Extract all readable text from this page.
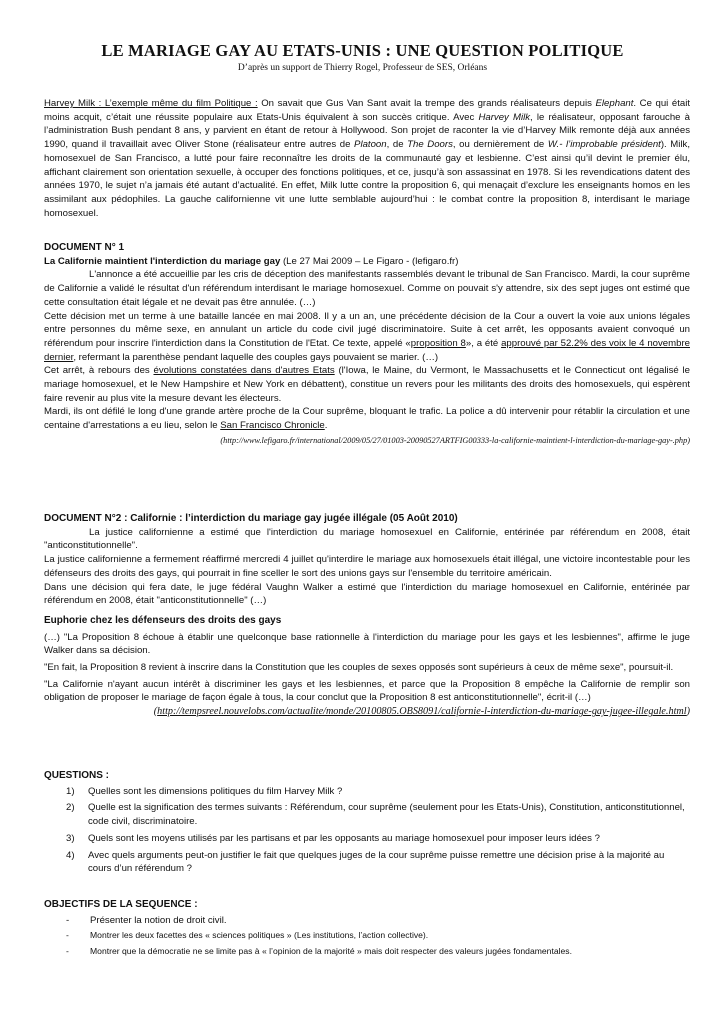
LE MARIAGE GAY AU ETATS-UNIS : UNE QUESTION POLITIQUE
D’après un support de Thierry Rogel, Professeur de SES, Orléans

Harvey Milk : L’exemple même du film Politique : On savait que Gus Van Sant avait la trempe des grands réalisateurs depuis Elephant. Ce qui était moins acquit, c’était une réussite populaire aux Etats-Unis équivalent à son succès critique. Avec Harvey Milk, le réalisateur, opposant farouche à l’administration Bush pendant 8 ans, y parvient en étant de retour à Hollywood. Son projet de raconter la vie d’Harvey Milk remonte déjà aux années 1990, quand il travaillait avec Oliver Stone (réalisateur entre autres de Platoon, de The Doors, ou dernièrement de W.- l’improbable président). Milk, homosexuel de San Francisco, a lutté pour faire reconnaître les droits de la communauté gay et lesbienne. C’est ainsi qu’il devint le premier élu, affichant clairement son orientation sexuelle, à occuper des fonctions politiques, et ce, jusqu’à son assassinat en 1978. Si les revendications datent des années 1970, le sujet n’a jamais été autant d’actualité. En effet, Milk lutte contre la proposition 6, qui menaçait d’exclure les enseignants homos en les assimilant aux pédophiles. La gauche californienne vit une lutte semblable aujourd’hui : le combat contre la proposition 8, interdisant le mariage homosexuel.

DOCUMENT N° 1

La Californie maintient l'interdiction du mariage gay (Le 27 Mai 2009 – Le Figaro - (lefigaro.fr)

L'annonce a été accueillie par les cris de déception des manifestants rassemblés devant le tribunal de San Francisco. Mardi, la cour suprême de Californie a validé le résultat d'un référendum interdisant le mariage homosexuel. Comme on pouvait s'y attendre, six des sept juges ont estimé que cette consultation était légale et ne devait pas être annulée. (…)

Cette décision met un terme à une bataille lancée en mai 2008. Il y a un an, une précédente décision de la Cour a ouvert la voie aux unions légales entre personnes du même sexe, en annulant un article du code civil jugé discriminatoire. Suite à cet arrêt, les opposants avaient convoqué un référendum pour inscrire l'interdiction dans la Constitution de l'Etat. Ce texte, appelé «proposition 8», a été approuvé par 52.2% des voix le 4 novembre dernier, refermant la parenthèse pendant laquelle des couples gays pouvaient se marier. (…)

Cet arrêt, à rebours des évolutions constatées dans d'autres Etats (l'Iowa, le Maine, du Vermont, le Massachusetts et le Connecticut ont légalisé le mariage homosexuel, et le New Hampshire et New York en débattent), constitue un revers pour les militants des droits des homosexuels, qui espèrent faire revenir au plus vite la mesure devant les électeurs.

Mardi, ils ont défilé le long d'une grande artère proche de la Cour suprême, bloquant le trafic. La police a dû intervenir pour rétablir la circulation et une centaine d'arrestations a eu lieu, selon le San Francisco Chronicle.

(http://www.lefigaro.fr/international/2009/05/27/01003-20090527ARTFIG00333-la-californie-maintient-l-interdiction-du-mariage-gay-.php)
DOCUMENT N°2 : Californie : l’interdiction du mariage gay jugée illégale (05 Août 2010)

La justice californienne a estimé que l'interdiction du mariage homosexuel en Californie, entérinée par référendum en 2008, était "anticonstitutionnelle".

La justice californienne a fermement réaffirmé mercredi 4 juillet qu'interdire le mariage aux homosexuels était illégal, une victoire incontestable pour les défenseurs des droits des gays, qui pourrait in fine sceller le sort des unions gays sur l'ensemble du territoire américain.

Dans une décision qui fera date, le juge fédéral Vaughn Walker a estimé que l'interdiction du mariage homosexuel en Californie, entérinée par référendum en 2008, était "anticonstitutionnelle" (…)

Euphorie chez les défenseurs des droits des gays

(…) "La Proposition 8 échoue à établir une quelconque base rationnelle à l'interdiction du mariage pour les gays et les lesbiennes", affirme le juge Walker dans sa décision.

"En fait, la Proposition 8 revient à inscrire dans la Constitution que les couples de sexes opposés sont supérieurs à ceux de même sexe", poursuit-il.

"La Californie n'ayant aucun intérêt à discriminer les gays et les lesbiennes, et parce que la Proposition 8 empêche la Californie de remplir son obligation de proposer le mariage de façon égale à tous, la cour conclut que la Proposition 8 est anticonstitutionnelle", écrit-il (…)

(http://tempsreel.nouvelobs.com/actualite/monde/20100805.OBS8091/californie-l-interdiction-du-mariage-gay-jugee-illegale.html)
QUESTIONS :
1) Quelles sont les dimensions politiques du film Harvey Milk ?
2) Quelle est la signification des termes suivants : Référendum, cour suprême (seulement pour les Etats-Unis), Constitution, anticonstitutionnel, code civil, discriminatoire.
3) Quels sont les moyens utilisés par les partisans et par les opposants au mariage homosexuel pour imposer leurs idées ?
4) Avec quels arguments peut-on justifier le fait que quelques juges de la cour suprême puisse remettre une décision prise à la majorité au cours d’un référendum ?
OBJECTIFS DE LA SEQUENCE :
- Présenter la notion de droit civil.
- Montrer les deux facettes des « sciences politiques » (Les institutions, l’action collective).
- Montrer que la démocratie ne se limite pas à « l’opinion de la majorité » mais doit respecter des valeurs jugées fondamentales.
